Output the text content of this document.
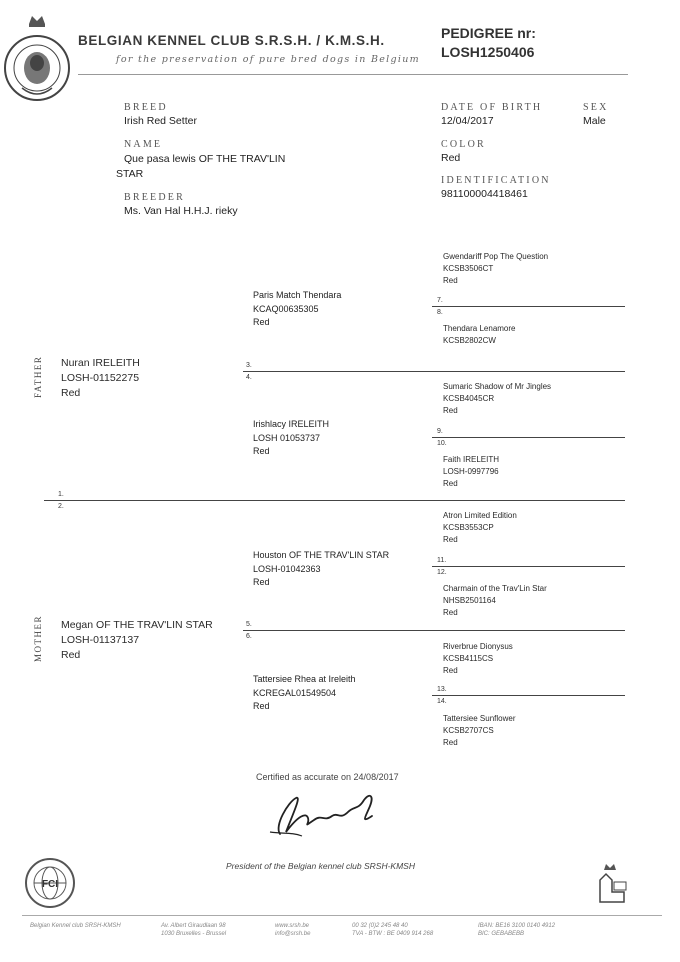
BELGIAN KENNEL CLUB S.R.S.H. / K.M.S.H.
for the preservation of pure bred dogs in Belgium
PEDIGREE nr:
LOSH1250406
BREED
Irish Red Setter
DATE OF BIRTH
12/04/2017
SEX
Male
NAME
Que pasa lewis OF THE TRAV'LIN
STAR
COLOR
Red
IDENTIFICATION
981100004418461
BREEDER
Ms. Van Hal H.H.J. rieky
FATHER
MOTHER
1.
2.
3.
4.
5.
6.
7.
8.
9.
10.
11.
12.
13.
14.
Nuran IRELEITH
LOSH-01152275
Red
Megan OF THE TRAV'LIN STAR
LOSH-01137137
Red
Paris Match Thendara
KCAQ00635305
Red
Irishlacy IRELEITH
LOSH 01053737
Red
Houston OF THE TRAV'LIN STAR
LOSH-01042363
Red
Tattersiee Rhea at Ireleith
KCREGAL01549504
Red
Gwendariff Pop The Question
KCSB3506CT
Red
Thendara Lenamore
KCSB2802CW
Sumaric Shadow of Mr Jingles
KCSB4045CR
Red
Faith IRELEITH
LOSH-0997796
Red
Atron Limited Edition
KCSB3553CP
Red
Charmain of the Trav'Lin Star
NHSB2501164
Red
Riverbrue Dionysus
KCSB4115CS
Red
Tattersiee Sunflower
KCSB2707CS
Red
Certified as accurate on 24/08/2017
President of the Belgian kennel club SRSH-KMSH
FCI
Belgian Kennel club SRSH-KMSH	Av. Albert Giraudlaan 98
1030 Bruxelles - Brussel
www.srsh.be
info@srsh.be
00 32 (0)2 245 48 40
TVA - BTW : BE 0409 914 268
IBAN: BE16 3100 0140 4912
BIC: GEBABEBB
